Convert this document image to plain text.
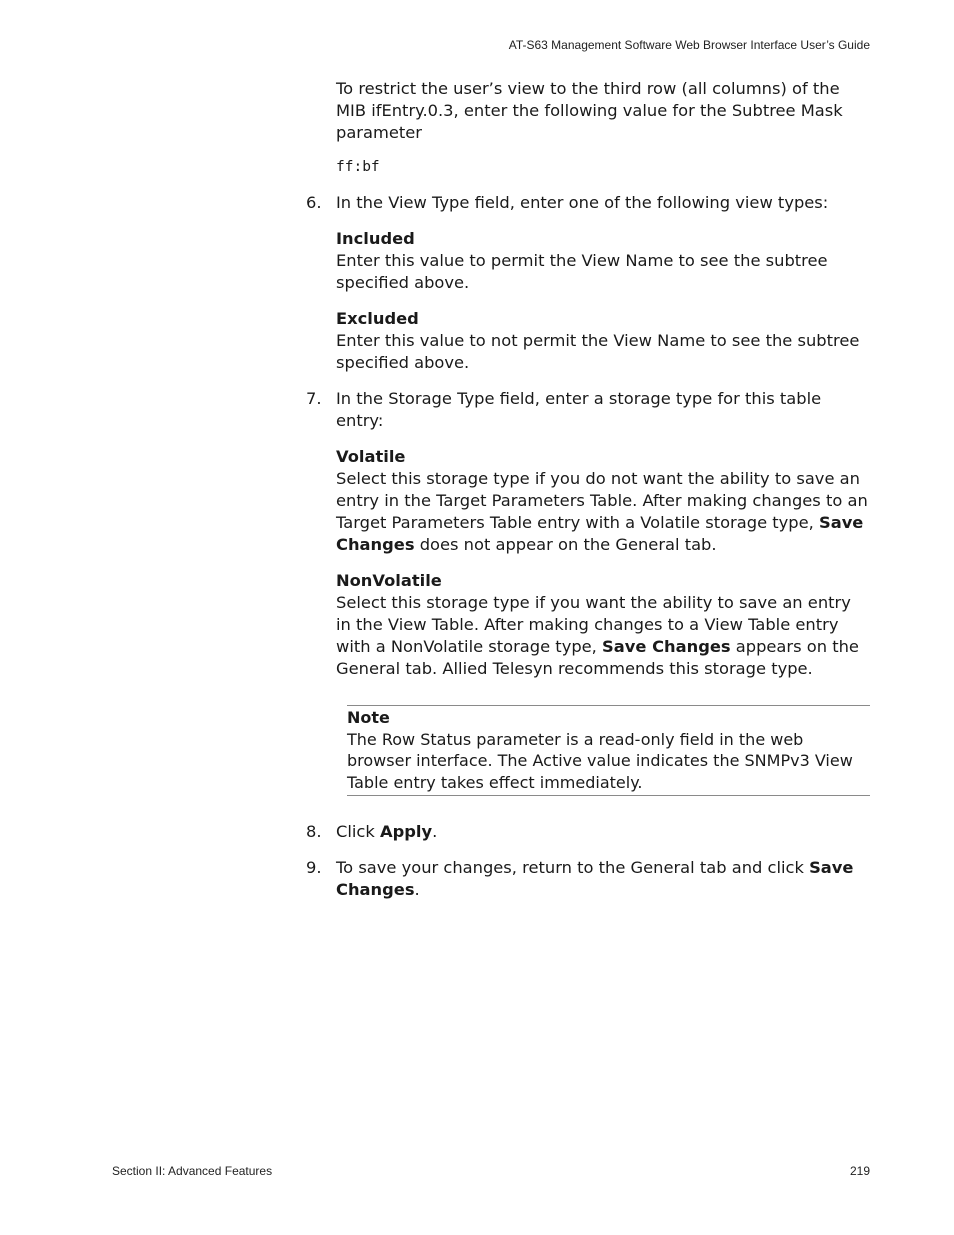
AT-S63 Management Software Web Browser Interface User’s Guide

To restrict the user’s view to the third row (all columns) of the MIB ifEntry.0.3, enter the following value for the Subtree Mask parameter

ff:bf

6. In the View Type field, enter one of the following view types:
Included
Enter this value to permit the View Name to see the subtree specified above.
Excluded
Enter this value to not permit the View Name to see the subtree specified above.
7. In the Storage Type field, enter a storage type for this table entry:
Volatile
Select this storage type if you do not want the ability to save an entry in the Target Parameters Table. After making changes to an Target Parameters Table entry with a Volatile storage type, Save Changes does not appear on the General tab.
NonVolatile
Select this storage type if you want the ability to save an entry in the View Table. After making changes to a View Table entry with a NonVolatile storage type, Save Changes appears on the General tab. Allied Telesyn recommends this storage type.
Note
The Row Status parameter is a read-only field in the web browser interface. The Active value indicates the SNMPv3 View Table entry takes effect immediately.
8. Click Apply.
9. To save your changes, return to the General tab and click Save Changes.
Section II: Advanced Features	219
